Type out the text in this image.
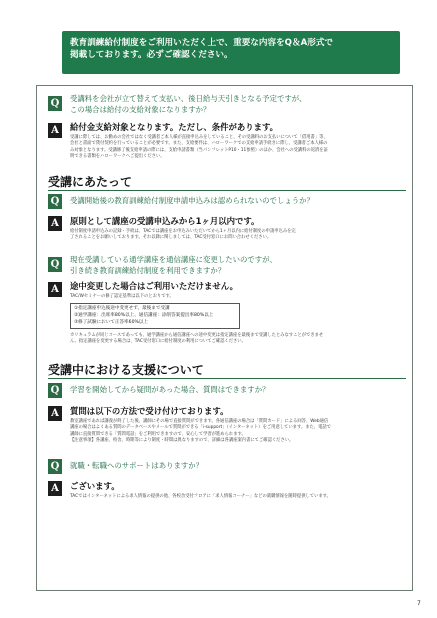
教育訓練給付制度をご利用いただく上で、重要な内容をQ＆A形式で
掲載しております。必ずご確認ください。
Q	受講料を会社が立て替えて支払い、後日給与天引きとなる予定ですが、
この場合は給付の支給対象になりますか？
A	給付金支給対象となります。ただし、条件があります。
受講に際しては、お勤めの会社ではなく受講者ご本人様が直接申込みをしていること、その受講料のお支払いについて「借用書」等、
会社と書面で貸付契約を行っていることが必要です。また、支給要件は、ハローワークでの支給申請手続きに際し、受講者ご本人様の
み対象となります。受講修了後支給申請の際には、支給申請書類（当パンフレットP10・11参照）のほか、会社への受講料の返済を証
明できる書類をハローワークへご提出ください。
受講にあたって
Q	受講開始後の教育訓練給付制度申請申込みは認められないのでしょうか？
A	原則として講座の受講申込みから1ヶ月以内です。
給付制度申請申込みの記録・手続は、TACでは講座をお申込みいただいてから1ヶ月以内に給付制度の申請申込みを完
了されることをお願いしております。それ以降に関しましては、TAC受付窓口にお問い合わせください。
Q	現在受講している通学講座を通信講座に変更したいのですが、
引き続き教育訓練給付制度を利用できますか？
A	途中変更した場合はご利用いただけません。
TAC/Wセミナーの修了認定基準は以下のとおりです。
カリキュラムが同じコースであっても、通学講座から通信講座への途中変更は指定講座を最後まで受講したとみなすことができませ
ん。指定講座を変更する場合は、TAC受付窓口に給付制度の利用についてご確認ください。
①指定講座申込後途中変更せず、最後まで受講
②通学講座：出席率80%以上、通信講座：添削答案提出率80%以上
③修了試験において正答率60%以上
受講中における支援について
Q	学習を開始してから疑問があった場合、質問はできますか？
A	質問は以下の方法で受け付けております。
教室講座であれば講義が終了した後、講師にその場で直接質問ができます。各通信講座の場合は「質問カード」による回答、Web通信
講座の場合はよくある質問のデータベースやメールで質問ができる「i-support」（インターネット）をご用意しています。また、電話で
講師に直接質問できる「質問電話」をご利用できますので、安心して学習が進められます。
【注意事項】各講座、校舎、時期等により制度・時間は異なりますので、詳細は各講座案内書にてご確認ください。
Q	就職・転職へのサポートはありますか？
A	ございます。
TACではインターネットによる求人情報の提供の他、各校舎受付フロアに「求人情報コーナー」などの就職情報を随時提供しています。
7
